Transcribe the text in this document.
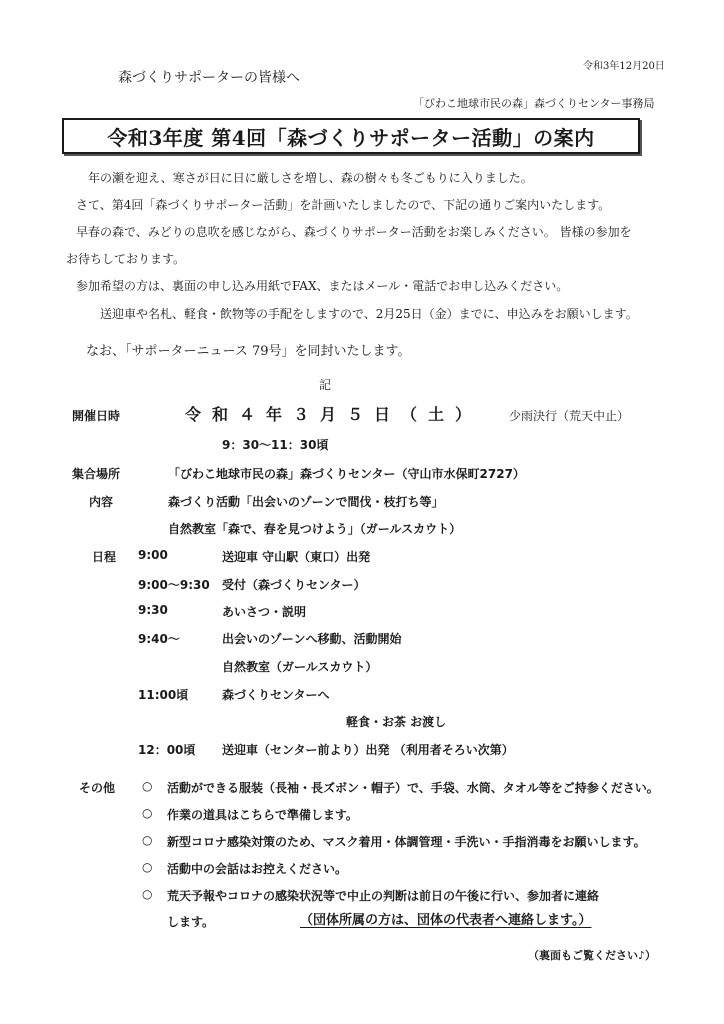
令和3年12月20日
森づくりサポーターの皆様へ
「びわこ地球市民の森」森づくりセンター事務局
令和3年度 第4回「森づくりサポーター活動」の案内
年の瀬を迎え、寒さが日に日に厳しさを増し、森の樹々も冬ごもりに入りました。
さて、第4回「森づくりサポーター活動」を計画いたしましたので、下記の通りご案内いたします。
早春の森で、みどりの息吹を感じながら、森づくりサポーター活動をお楽しみください。 皆様の参加を
お待ちしております。
参加希望の方は、裏面の申し込み用紙でFAX、またはメール・電話でお申し込みください。
送迎車や名札、軽食・飲物等の手配をしますので、2月25日（金）までに、申込みをお願いします。
なお、「サポーターニュース 79号」を同封いたします。
記
開催日時	令和４年３月５日（土） 少雨決行（荒天中止）
9：30～11：30頃
集合場所	「びわこ地球市民の森」森づくりセンター（守山市水保町2727）
内容	森づくり活動「出会いのゾーンで間伐・枝打ち等」
自然教室「森で、春を見つけよう」（ガールスカウト）
日程 9:00	送迎車 守山駅（東口）出発
9:00～9:30 受付（森づくりセンター）
9:30	あいさつ・説明
9:40～	出会いのゾーンへ移動、活動開始
自然教室（ガールスカウト）
11:00頃	森づくりセンターへ
軽食・お茶 お渡し
12：00頃 送迎車（センター前より）出発 （利用者そろい次第）
その他 ○ 活動ができる服装（長袖・長ズボン・帽子）で、手袋、水筒、タオル等をご持参ください。
○ 作業の道具はこちらで準備します。
○ 新型コロナ感染対策のため、マスク着用・体調管理・手洗い・手指消毒をお願いします。
○ 活動中の会話はお控えください。
○ 荒天予報やコロナの感染状況等で中止の判断は前日の午後に行い、参加者に連絡
します。	（団体所属の方は、団体の代表者へ連絡します。）
（裏面もご覧ください♪）
